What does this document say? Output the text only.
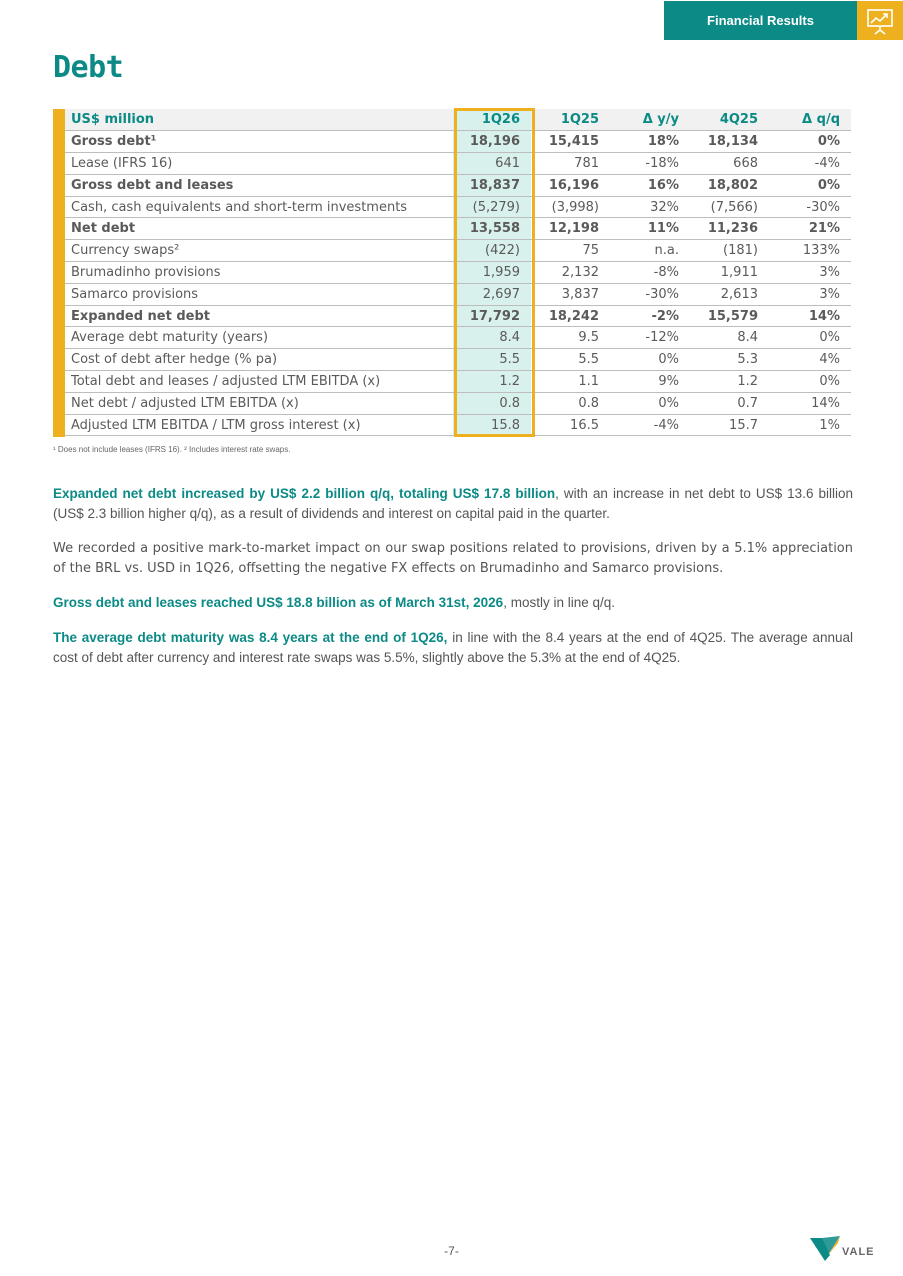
Financial Results
Debt
US$ million	1Q26	1Q25	Δ y/y	4Q25	Δ q/q
Gross debt¹	18,196	15,415	18%	18,134	0%
Lease (IFRS 16)	641	781	-18%	668	-4%
Gross debt and leases	18,837	16,196	16%	18,802	0%
Cash, cash equivalents and short-term investments	(5,279)	(3,998)	32%	(7,566)	-30%
Net debt	13,558	12,198	11%	11,236	21%
Currency swaps²	(422)	75	n.a.	(181)	133%
Brumadinho provisions	1,959	2,132	-8%	1,911	3%
Samarco provisions	2,697	3,837	-30%	2,613	3%
Expanded net debt	17,792	18,242	-2%	15,579	14%
Average debt maturity (years)	8.4	9.5	-12%	8.4	0%
Cost of debt after hedge (% pa)	5.5	5.5	0%	5.3	4%
Total debt and leases / adjusted LTM EBITDA (x)	1.2	1.1	9%	1.2	0%
Net debt / adjusted LTM EBITDA (x)	0.8	0.8	0%	0.7	14%
Adjusted LTM EBITDA / LTM gross interest (x)	15.8	16.5	-4%	15.7	1%
¹ Does not include leases (IFRS 16). ² Includes interest rate swaps.

Expanded net debt increased by US$ 2.2 billion q/q, totaling US$ 17.8 billion, with an increase in net debt to US$ 13.6 billion (US$ 2.3 billion higher q/q), as a result of dividends and interest on capital paid in the quarter.

We recorded a positive mark-to-market impact on our swap positions related to provisions, driven by a 5.1% appreciation of the BRL vs. USD in 1Q26, offsetting the negative FX effects on Brumadinho and Samarco provisions.

Gross debt and leases reached US$ 18.8 billion as of March 31st, 2026, mostly in line q/q.

The average debt maturity was 8.4 years at the end of 1Q26, in line with the 8.4 years at the end of 4Q25. The average annual cost of debt after currency and interest rate swaps was 5.5%, slightly above the 5.3% at the end of 4Q25.

-7-	VALE
